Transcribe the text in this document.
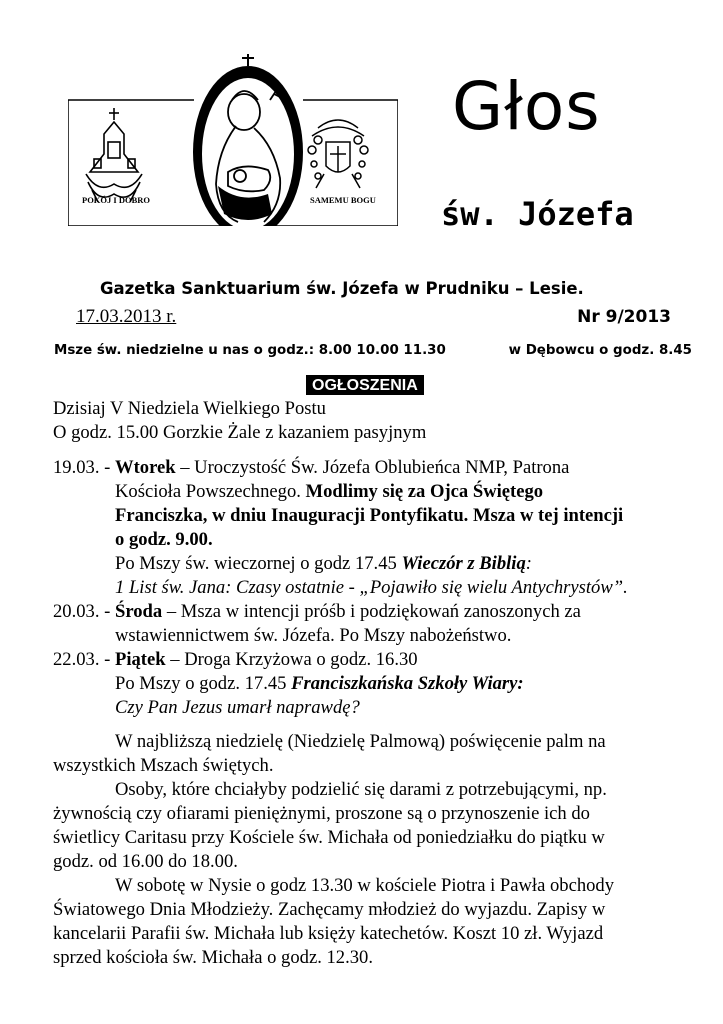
POKÓJ I DOBRO	SAMEMU BOGU
Głos
św. Józefa
Gazetka Sanktuarium św. Józefa w Prudniku – Lesie.
17.03.2013 r.	Nr 9/2013
Msze św. niedzielne u nas o godz.: 8.00 10.00 11.30	w Dębowcu o godz. 8.45
OGŁOSZENIA
Dzisiaj V Niedziela Wielkiego Postu
O godz. 15.00 Gorzkie Żale z kazaniem pasyjnym
19.03. - Wtorek – Uroczystość Św. Józefa Oblubieńca NMP, Patrona
Kościoła Powszechnego. Modlimy się za Ojca Świętego
Franciszka, w dniu Inauguracji Pontyfikatu. Msza w tej intencji
o godz. 9.00.
Po Mszy św. wieczornej o godz 17.45 Wieczór z Biblią:
1 List św. Jana: Czasy ostatnie - „Pojawiło się wielu Antychrystów”.
20.03. - Środa – Msza w intencji próśb i podziękowań zanoszonych za
wstawiennictwem św. Józefa. Po Mszy nabożeństwo.
22.03. - Piątek – Droga Krzyżowa o godz. 16.30
Po Mszy o godz. 17.45 Franciszkańska Szkoły Wiary:
Czy Pan Jezus umarł naprawdę?
W najbliższą niedzielę (Niedzielę Palmową) poświęcenie palm na
wszystkich Mszach świętych.
Osoby, które chciałyby podzielić się darami z potrzebującymi, np.
żywnością czy ofiarami pieniężnymi, proszone są o przynoszenie ich do
świetlicy Caritasu przy Kościele św. Michała od poniedziałku do piątku w
godz. od 16.00 do 18.00.
W sobotę w Nysie o godz 13.30 w kościele Piotra i Pawła obchody
Światowego Dnia Młodzieży. Zachęcamy młodzież do wyjazdu. Zapisy w
kancelarii Parafii św. Michała lub księży katechetów. Koszt 10 zł. Wyjazd
sprzed kościoła św. Michała o godz. 12.30.
